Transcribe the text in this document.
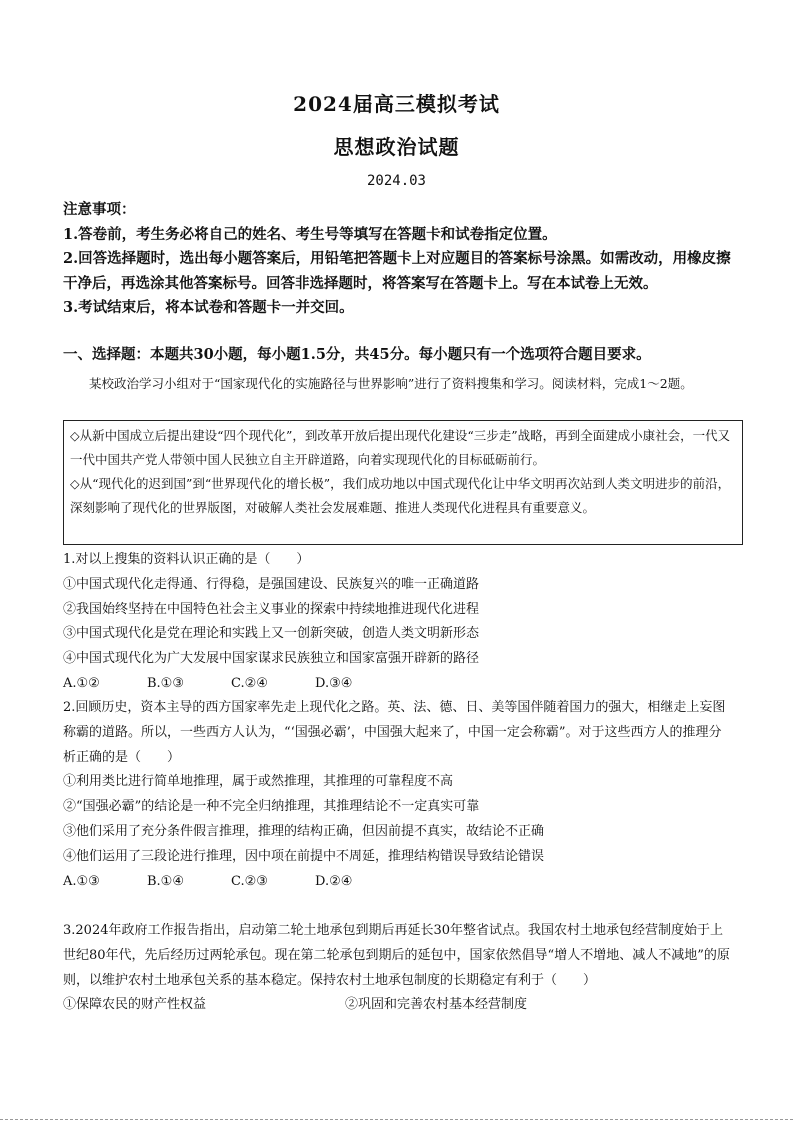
2024届高三模拟考试
思想政治试题
2024.03

注意事项：

1.答卷前，考生务必将自己的姓名、考生号等填写在答题卡和试卷指定位置。

2.回答选择题时，选出每小题答案后，用铅笔把答题卡上对应题目的答案标号涂黑。如需改动，用橡皮擦干净后，再选涂其他答案标号。回答非选择题时，将答案写在答题卡上。写在本试卷上无效。

3.考试结束后，将本试卷和答题卡一并交回。

一、选择题：本题共30小题，每小题1.5分，共45分。每小题只有一个选项符合题目要求。
某校政治学习小组对于“国家现代化的实施路径与世界影响”进行了资料搜集和学习。阅读材料，完成1～2题。

◇从新中国成立后提出建设“四个现代化”，到改革开放后提出现代化建设“三步走”战略，再到全面建成小康社会，一代又一代中国共产党人带领中国人民独立自主开辟道路，向着实现现代化的目标砥砺前行。

◇从“现代化的迟到国”到“世界现代化的增长极”，我们成功地以中国式现代化让中华文明再次站到人类文明进步的前沿，深刻影响了现代化的世界版图，对破解人类社会发展难题、推进人类现代化进程具有重要意义。

1.对以上搜集的资料认识正确的是（　　）

①中国式现代化走得通、行得稳，是强国建设、民族复兴的唯一正确道路

②我国始终坚持在中国特色社会主义事业的探索中持续地推进现代化进程

③中国式现代化是党在理论和实践上又一创新突破，创造人类文明新形态

④中国式现代化为广大发展中国家谋求民族独立和国家富强开辟新的路径

A.①②	B.①③	C.②④	D.③④

2.回顾历史，资本主导的西方国家率先走上现代化之路。英、法、德、日、美等国伴随着国力的强大，相继走上妄图称霸的道路。所以，一些西方人认为，“‘国强必霸’，中国强大起来了，中国一定会称霸”。对于这些西方人的推理分析正确的是（　　）

①利用类比进行简单地推理，属于或然推理，其推理的可靠程度不高

②“国强必霸”的结论是一种不完全归纳推理，其推理结论不一定真实可靠

③他们采用了充分条件假言推理，推理的结构正确，但因前提不真实，故结论不正确

④他们运用了三段论进行推理，因中项在前提中不周延，推理结构错误导致结论错误

A.①③	B.①④	C.②③	D.②④

3.2024年政府工作报告指出，启动第二轮土地承包到期后再延长30年整省试点。我国农村土地承包经营制度始于上世纪80年代，先后经历过两轮承包。现在第二轮承包到期后的延包中，国家依然倡导“增人不增地、减人不减地”的原则，以维护农村土地承包关系的基本稳定。保持农村土地承包制度的长期稳定有利于（　　）

①保障农民的财产性权益	②巩固和完善农村基本经营制度
